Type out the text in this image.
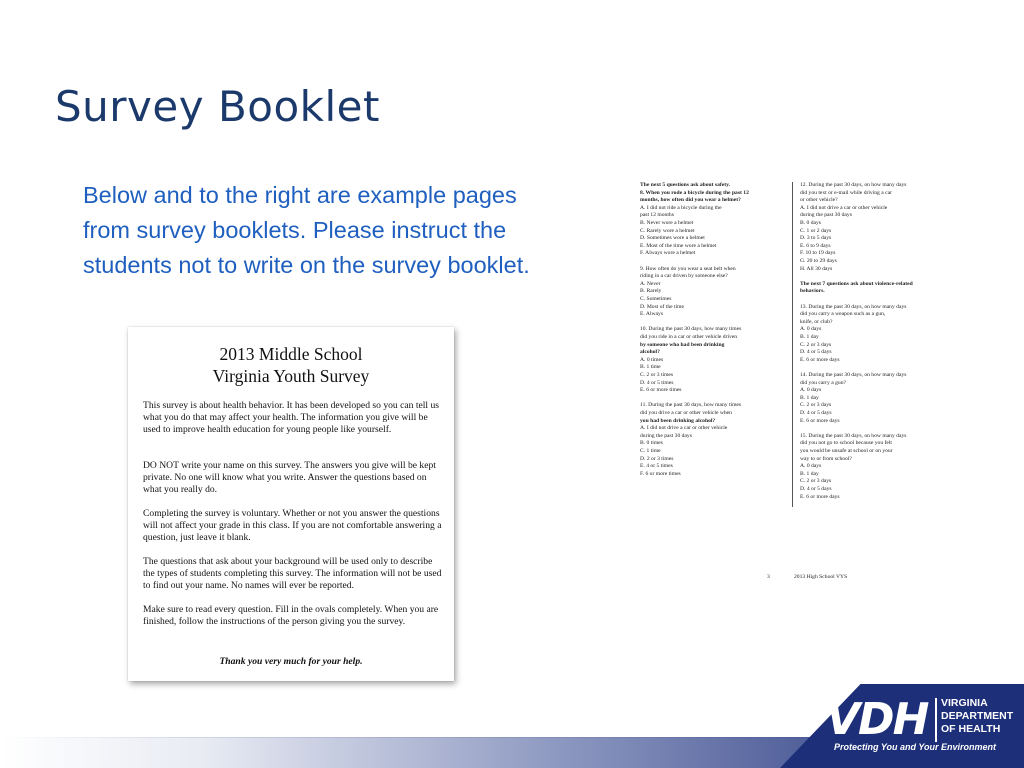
Survey Booklet
Below and to the right are example pages from survey booklets. Please instruct the students not to write on the survey booklet.
2013 Middle School
Virginia Youth Survey
This survey is about health behavior. It has been developed so you can tell us what you do that may affect your health. The information you give will be used to improve health education for young people like yourself.
DO NOT write your name on this survey. The answers you give will be kept private. No one will know what you write. Answer the questions based on what you really do.
Completing the survey is voluntary. Whether or not you answer the questions will not affect your grade in this class. If you are not comfortable answering a question, just leave it blank.
The questions that ask about your background will be used only to describe the types of students completing this survey. The information will not be used to find out your name. No names will ever be reported.
Make sure to read every question. Fill in the ovals completely. When you are finished, follow the instructions of the person giving you the survey.
Thank you very much for your help.
The next 5 questions ask about safety.
8. When you rode a bicycle during the past 12
months, how often did you wear a helmet?
A. I did not ride a bicycle during the
past 12 months
B. Never wore a helmet
C. Rarely wore a helmet
D. Sometimes wore a helmet
E. Most of the time wore a helmet
F. Always wore a helmet
9. How often do you wear a seat belt when
riding in a car driven by someone else?
A. Never
B. Rarely
C. Sometimes
D. Most of the time
E. Always
10. During the past 30 days, how many times
did you ride in a car or other vehicle driven
by someone who had been drinking
alcohol?
A. 0 times
B. 1 time
C. 2 or 3 times
D. 4 or 5 times
E. 6 or more times
11. During the past 30 days, how many times
did you drive a car or other vehicle when
you had been drinking alcohol?
A. I did not drive a car or other vehicle
during the past 30 days
B. 0 times
C. 1 time
D. 2 or 3 times
E. 4 or 5 times
F. 6 or more times
12. During the past 30 days, on how many days
did you text or e-mail while driving a car
or other vehicle?
A. I did not drive a car or other vehicle
during the past 30 days
B. 0 days
C. 1 or 2 days
D. 3 to 5 days
E. 6 to 9 days
F. 10 to 19 days
G. 20 to 29 days
H. All 30 days
The next 7 questions ask about violence-related
behaviors.
13. During the past 30 days, on how many days
did you carry a weapon such as a gun,
knife, or club?
A. 0 days
B. 1 day
C. 2 or 3 days
D. 4 or 5 days
E. 6 or more days
14. During the past 30 days, on how many days
did you carry a gun?
A. 0 days
B. 1 day
C. 2 or 3 days
D. 4 or 5 days
E. 6 or more days
15. During the past 30 days, on how many days
did you not go to school because you felt
you would be unsafe at school or on your
way to or from school?
A. 0 days
B. 1 day
C. 2 or 3 days
D. 4 or 5 days
E. 6 or more days
3	2013 High School VYS
VDH VIRGINIA
DEPARTMENT
OF HEALTH
Protecting You and Your Environment
